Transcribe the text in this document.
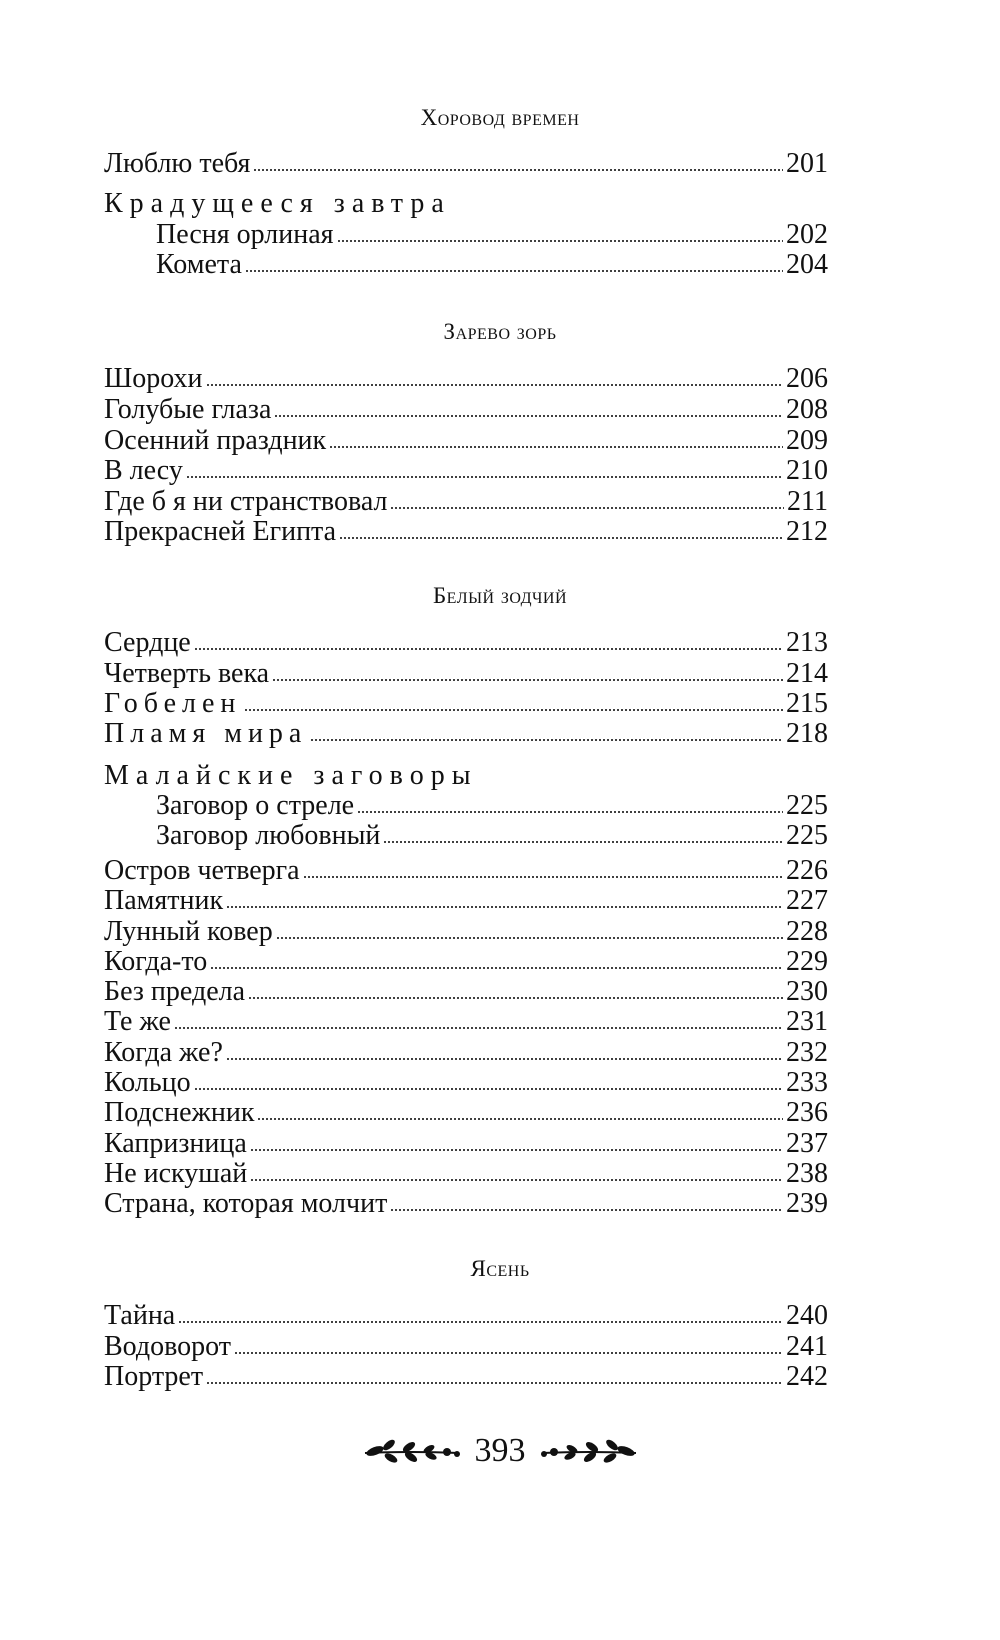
Хоровод времен
Люблю тебя	201
Крадущееся завтра
Песня орлиная	202
Комета	204
Зарево зорь
Шорохи	206
Голубые глаза	208
Осенний праздник	209
В лесу	210
Где б я ни странствовал	211
Прекрасней Египта	212
Белый зодчий
Сердце	213
Четверть века	214
Гобелен	215
Пламя мира	218
Малайские заговоры
Заговор о стреле	225
Заговор любовный	225
Остров четверга	226
Памятник	227
Лунный ковер	228
Когда-то	229
Без предела	230
Те же	231
Когда же?	232
Кольцо	233
Подснежник	236
Капризница	237
Не искушай	238
Страна, которая молчит	239
Ясень
Тайна	240
Водоворот	241
Портрет	242
393
